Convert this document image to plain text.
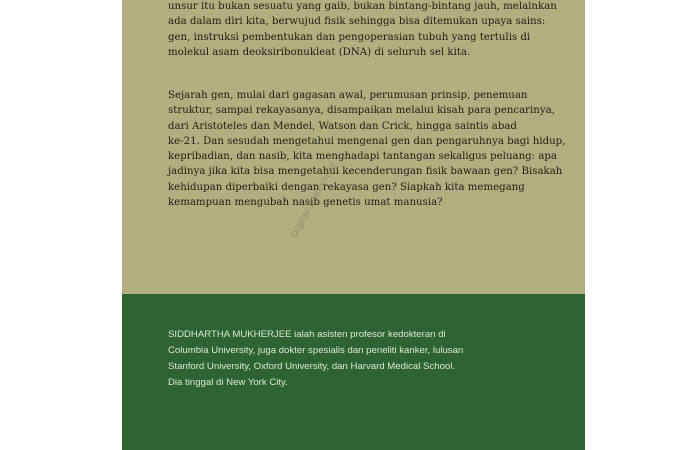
unsur itu bukan sesuatu yang gaib, bukan bintang-bintang jauh, melainkan
ada dalam diri kita, berwujud fisik sehingga bisa ditemukan upaya sains:
gen, instruksi pembentukan dan pengoperasian tubuh yang tertulis di
molekul asam deoksiribonukleat (DNA) di seluruh sel kita.
Sejarah gen, mulai dari gagasan awal, perumusan prinsip, penemuan
struktur, sampai rekayasanya, disampaikan melalui kisah para pencarinya,
dari Aristoteles dan Mendel, Watson dan Crick, hingga saintis abad
ke-21. Dan sesudah mengetahui mengenai gen dan pengaruhnya bagi hidup,
kepribadian, dan nasib, kita menghadapi tantangan sekaligus peluang: apa
jadinya jika kita bisa mengetahui kecenderungan fisik bawaan gen? Bisakah
kehidupan diperbaiki dengan rekayasa gen? Siapkah kita memegang
kemampuan mengubah nasib genetis umat manusia?
Digital Publishing
SIDDHARTHA MUKHERJEE ialah asisten profesor kedokteran di
Columbia University, juga dokter spesialis dan peneliti kanker, lulusan
Stanford University, Oxford University, dan Harvard Medical School.
Dia tinggal di New York City.
